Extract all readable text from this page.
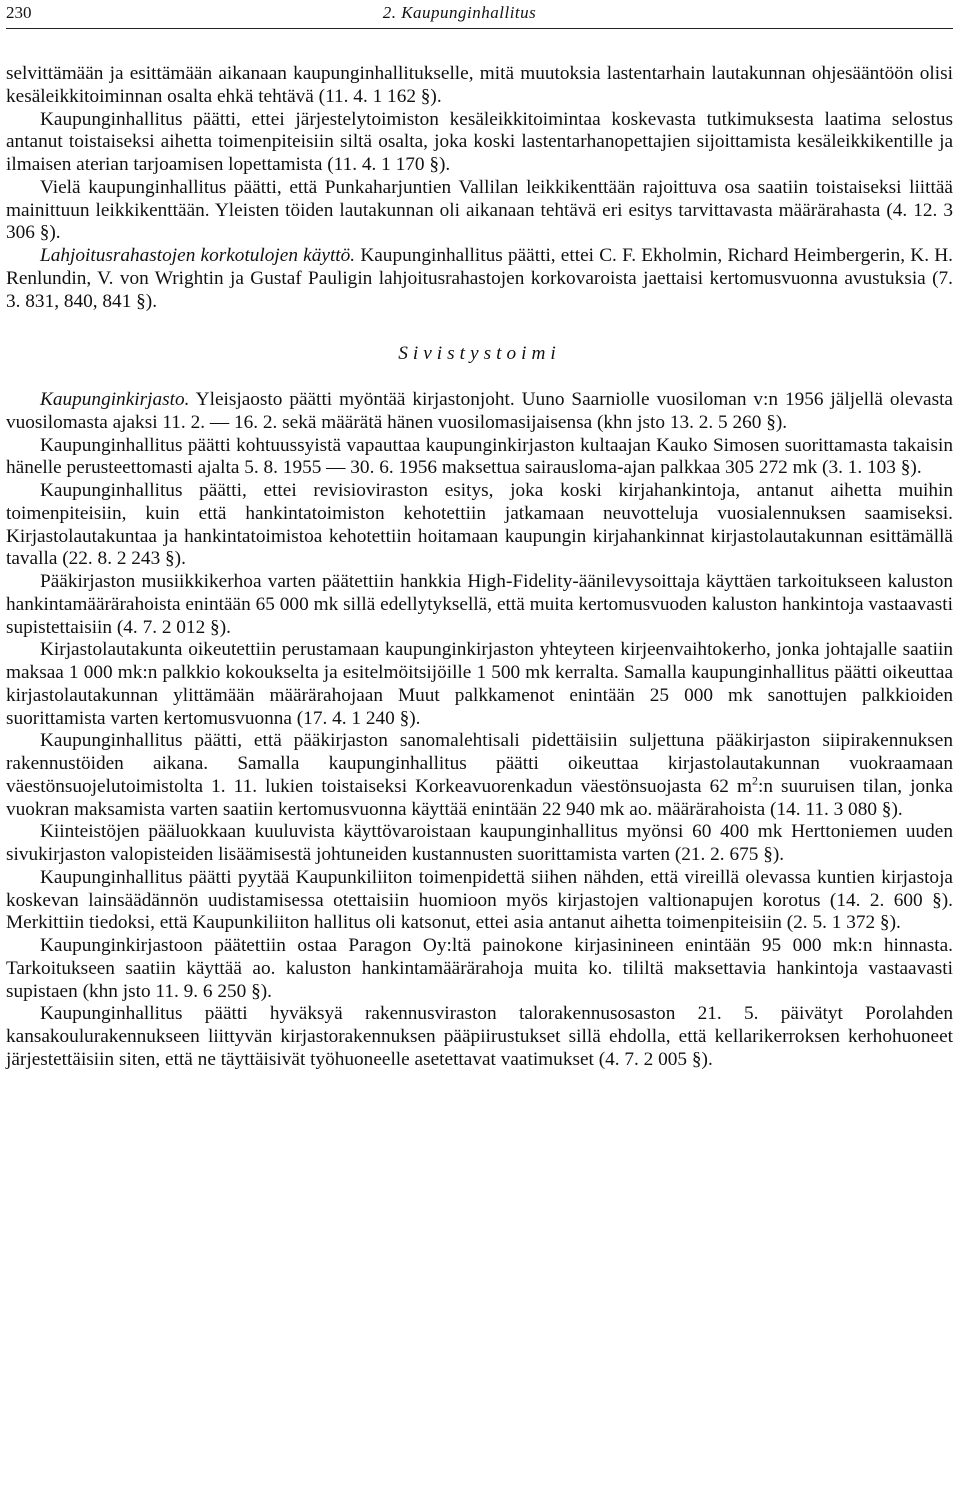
230	2. Kaupunginhallitus

selvittämään ja esittämään aikanaan kaupunginhallitukselle, mitä muutoksia lastentarhain lautakunnan ohjesääntöön olisi kesäleikkitoiminnan osalta ehkä tehtävä (11. 4. 1 162 §).

Kaupunginhallitus päätti, ettei järjestelytoimiston kesäleikkitoimintaa koskevasta tutkimuksesta laatima selostus antanut toistaiseksi aihetta toimenpiteisiin siltä osalta, joka koski lastentarhanopettajien sijoittamista kesäleikkikentille ja ilmaisen aterian tarjoamisen lopettamista (11. 4. 1 170 §).

Vielä kaupunginhallitus päätti, että Punkaharjuntien Vallilan leikkikenttään rajoittuva osa saatiin toistaiseksi liittää mainittuun leikkikenttään. Yleisten töiden lautakunnan oli aikanaan tehtävä eri esitys tarvittavasta määrärahasta (4. 12. 3 306 §).

Lahjoitusrahastojen korkotulojen käyttö. Kaupunginhallitus päätti, ettei C. F. Ekholmin, Richard Heimbergerin, K. H. Renlundin, V. von Wrightin ja Gustaf Pauligin lahjoitusrahastojen korkovaroista jaettaisi kertomusvuonna avustuksia (7. 3. 831, 840, 841 §).

Sivistystoimi

Kaupunginkirjasto. Yleisjaosto päätti myöntää kirjastonjoht. Uuno Saarniolle vuosiloman v:n 1956 jäljellä olevasta vuosilomasta ajaksi 11. 2. — 16. 2. sekä määrätä hänen vuosilomasijaisensa (khn jsto 13. 2. 5 260 §).

Kaupunginhallitus päätti kohtuussyistä vapauttaa kaupunginkirjaston kultaajan Kauko Simosen suorittamasta takaisin hänelle perusteettomasti ajalta 5. 8. 1955 — 30. 6. 1956 maksettua sairausloma-ajan palkkaa 305 272 mk (3. 1. 103 §).

Kaupunginhallitus päätti, ettei revisioviraston esitys, joka koski kirjahankintoja, antanut aihetta muihin toimenpiteisiin, kuin että hankintatoimiston kehotettiin jatkamaan neuvotteluja vuosialennuksen saamiseksi. Kirjastolautakuntaa ja hankintatoimistoa kehotettiin hoitamaan kaupungin kirjahankinnat kirjastolautakunnan esittämällä tavalla (22. 8. 2 243 §).

Pääkirjaston musiikkikerhoa varten päätettiin hankkia High-Fidelity-äänilevysoittaja käyttäen tarkoitukseen kaluston hankintamäärärahoista enintään 65 000 mk sillä edellytyksellä, että muita kertomusvuoden kaluston hankintoja vastaavasti supistettaisiin (4. 7. 2 012 §).

Kirjastolautakunta oikeutettiin perustamaan kaupunginkirjaston yhteyteen kirjeenvaihtokerho, jonka johtajalle saatiin maksaa 1 000 mk:n palkkio kokoukselta ja esitelmöitsijöille 1 500 mk kerralta. Samalla kaupunginhallitus päätti oikeuttaa kirjastolautakunnan ylittämään määrärahojaan Muut palkkamenot enintään 25 000 mk sanottujen palkkioiden suorittamista varten kertomusvuonna (17. 4. 1 240 §).

Kaupunginhallitus päätti, että pääkirjaston sanomalehtisali pidettäisiin suljettuna pääkirjaston siipirakennuksen rakennustöiden aikana. Samalla kaupunginhallitus päätti oikeuttaa kirjastolautakunnan vuokraamaan väestönsuojelutoimistolta 1. 11. lukien toistaiseksi Korkeavuorenkadun väestönsuojasta 62 $m^2:n$ suuruisen tilan, jonka vuokran maksamista varten saatiin kertomusvuonna käyttää enintään 22 940 mk ao. määrärahoista (14. 11. 3 080 §).

Kiinteistöjen pääluokkaan kuuluvista käyttövaroistaan kaupunginhallitus myönsi 60 400 mk Herttoniemen uuden sivukirjaston valopisteiden lisäämisestä johtuneiden kustannusten suorittamista varten (21. 2. 675 §).

Kaupunginhallitus päätti pyytää Kaupunkiliiton toimenpidettä siihen nähden, että vireillä olevassa kuntien kirjastoja koskevan lainsäädännön uudistamisessa otettaisiin huomioon myös kirjastojen valtionapujen korotus (14. 2. 600 §). Merkittiin tiedoksi, että Kaupunkiliiton hallitus oli katsonut, ettei asia antanut aihetta toimenpiteisiin (2. 5. 1 372 §).

Kaupunginkirjastoon päätettiin ostaa Paragon Oy:ltä painokone kirjasinineen enintään 95 000 mk:n hinnasta. Tarkoitukseen saatiin käyttää ao. kaluston hankintamäärärahoja muita ko. tililtä maksettavia hankintoja vastaavasti supistaen (khn jsto 11. 9. 6 250 §).

Kaupunginhallitus päätti hyväksyä rakennusviraston talorakennusosaston 21. 5. päivätyt Porolahden kansakoulurakennukseen liittyvän kirjastorakennuksen pääpiirustukset sillä ehdolla, että kellarikerroksen kerhohuoneet järjestettäisiin siten, että ne täyttäisivät työhuoneelle asetettavat vaatimukset (4. 7. 2 005 §).
